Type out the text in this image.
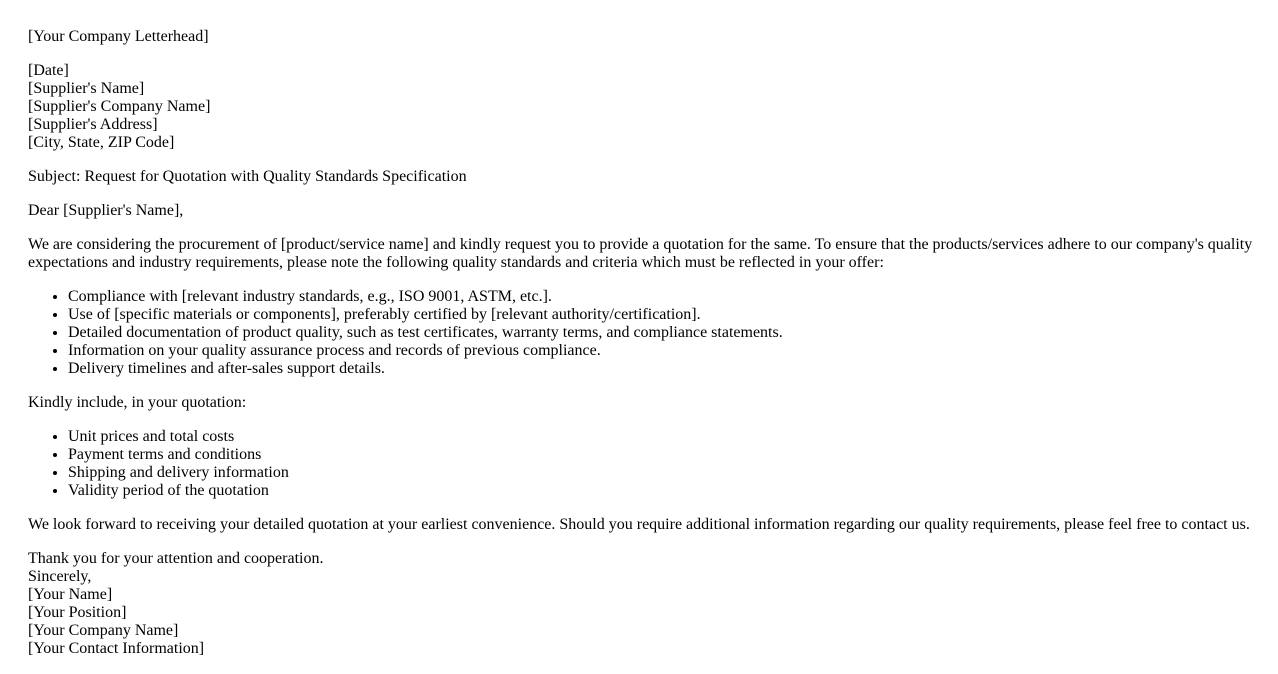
[Your Company Letterhead]

[Date]
[Supplier's Name]
[Supplier's Company Name]
[Supplier's Address]
[City, State, ZIP Code]

Subject: Request for Quotation with Quality Standards Specification

Dear [Supplier's Name],

We are considering the procurement of [product/service name] and kindly request you to provide a quotation for the same. To ensure that the products/services adhere to our company's quality expectations and industry requirements, please note the following quality standards and criteria which must be reflected in your offer:

• Compliance with [relevant industry standards, e.g., ISO 9001, ASTM, etc.].
• Use of [specific materials or components], preferably certified by [relevant authority/certification].
• Detailed documentation of product quality, such as test certificates, warranty terms, and compliance statements.
• Information on your quality assurance process and records of previous compliance.
• Delivery timelines and after-sales support details.

Kindly include, in your quotation:

• Unit prices and total costs
• Payment terms and conditions
• Shipping and delivery information
• Validity period of the quotation

We look forward to receiving your detailed quotation at your earliest convenience. Should you require additional information regarding our quality requirements, please feel free to contact us.

Thank you for your attention and cooperation.
Sincerely,
[Your Name]
[Your Position]
[Your Company Name]
[Your Contact Information]
